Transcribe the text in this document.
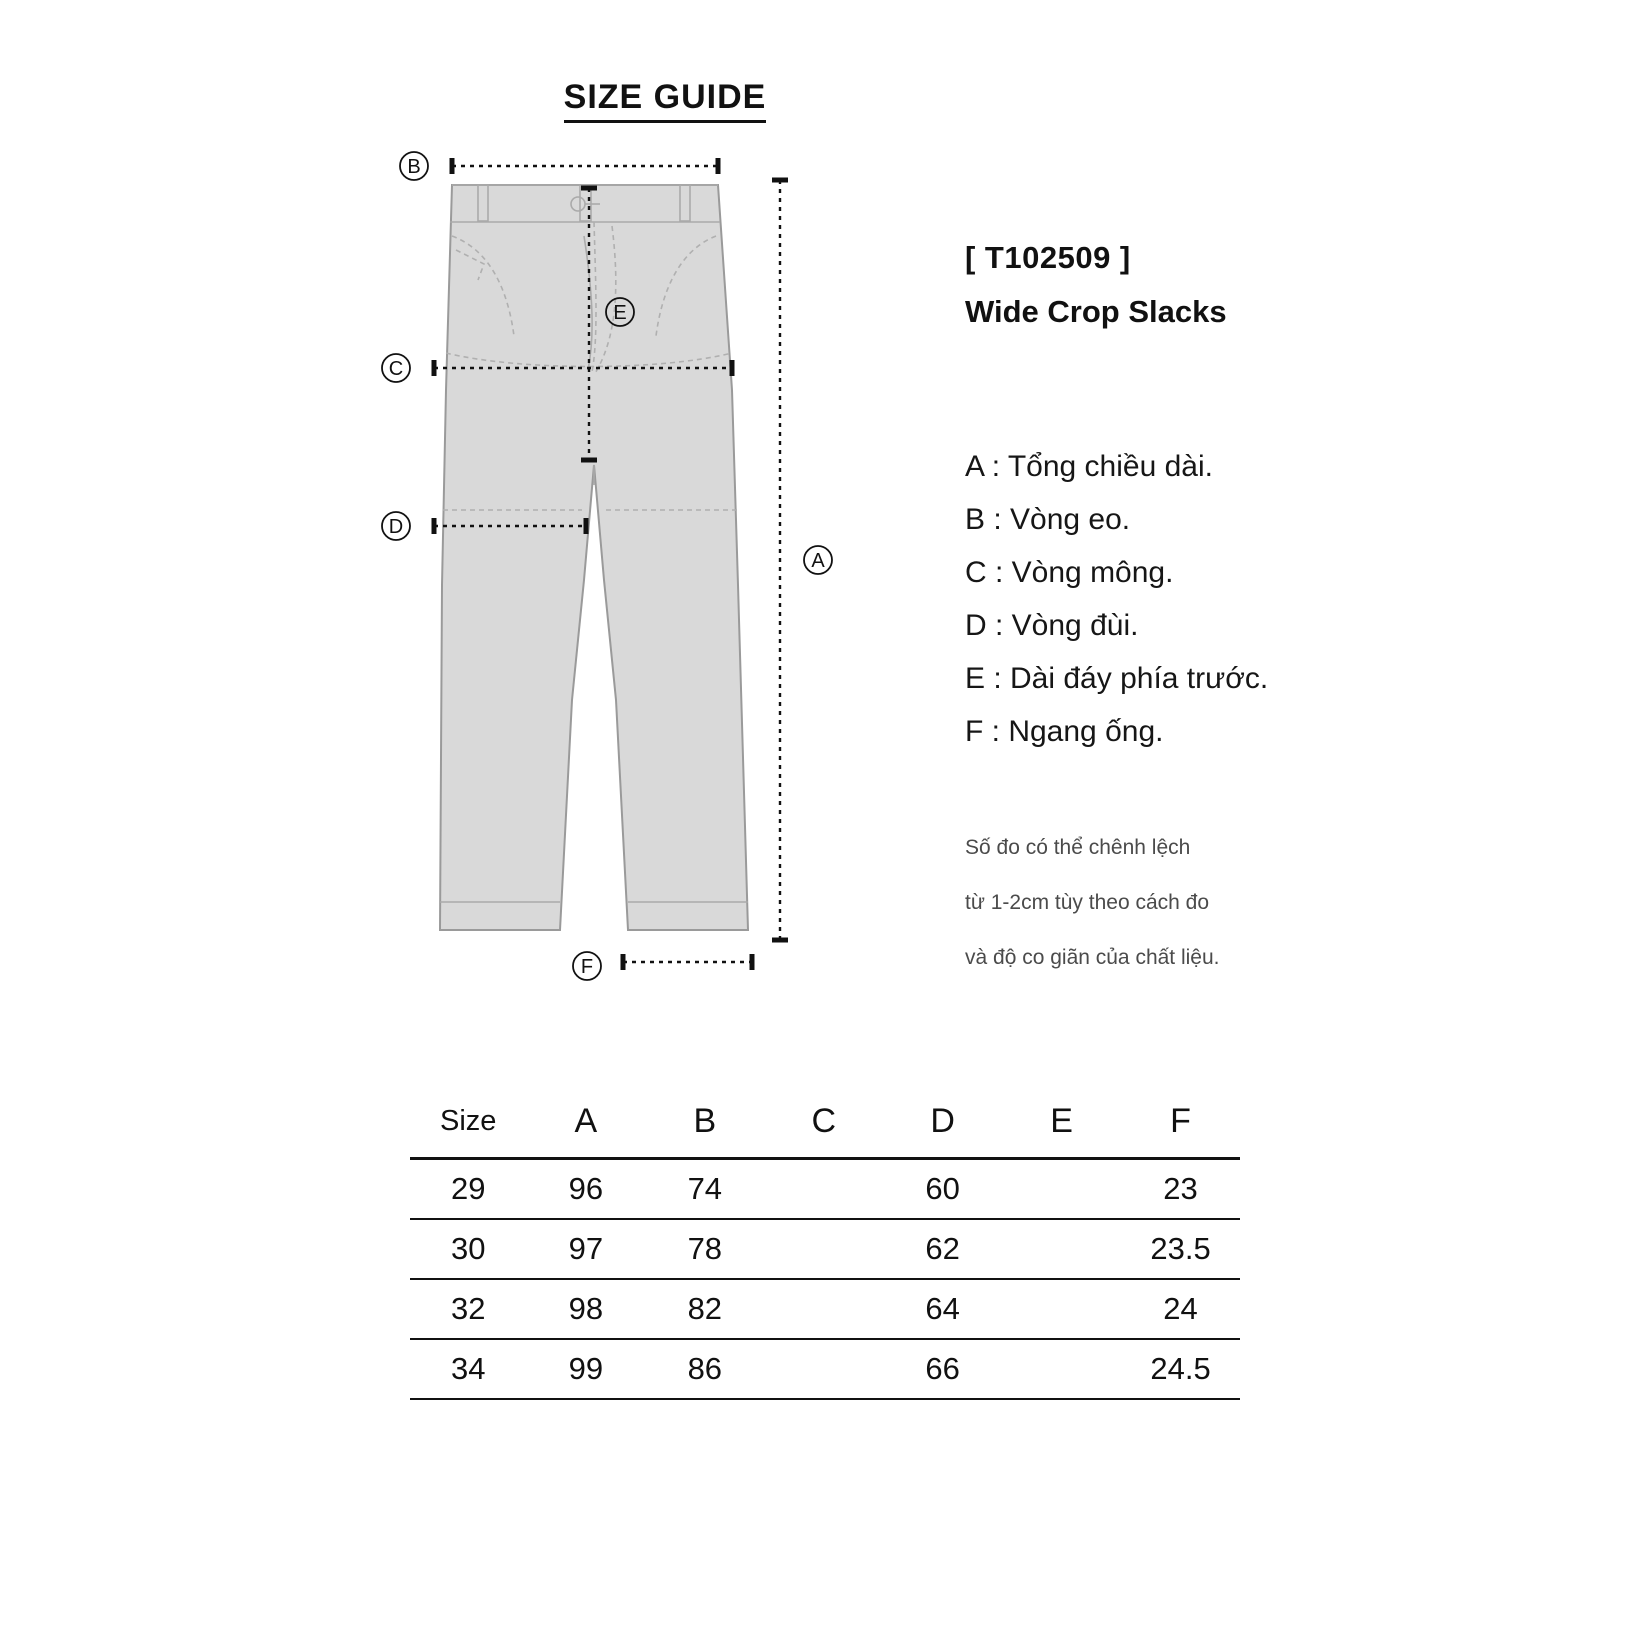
SIZE GUIDE
B
C
D
E
A
F

[ T102509 ]

Wide Crop Slacks

A : Tổng chiều dài.
B : Vòng eo.
C : Vòng mông.
D : Vòng đùi.
E : Dài đáy phía trước.
F : Ngang ống.
Số đo có thể chênh lệch
từ 1-2cm tùy theo cách đo
và độ co giãn của chất liệu.
Size	A	B	C	D	E	F
29	96	74		60		23
30	97	78		62		23.5
32	98	82		64		24
34	99	86		66		24.5
